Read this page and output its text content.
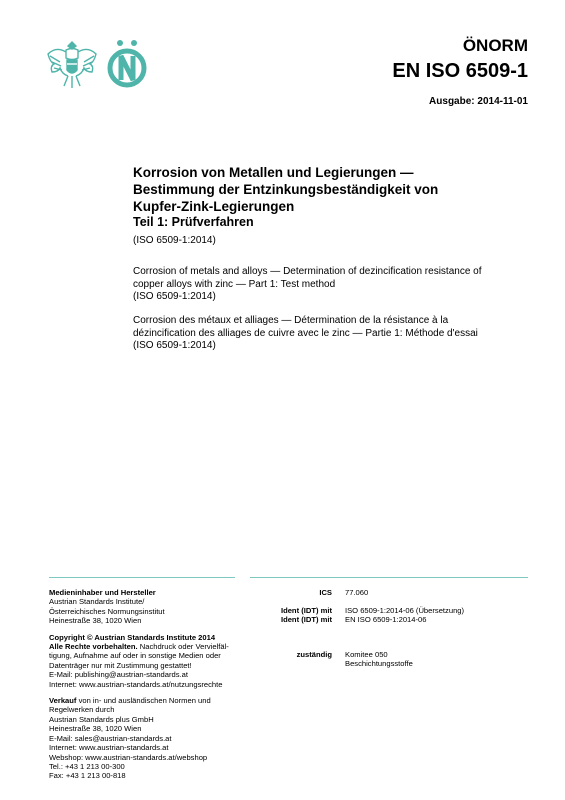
ÖNORM
EN ISO 6509-1
Ausgabe: 2014-11-01
Korrosion von Metallen und Legierungen —
Bestimmung der Entzinkungsbeständigkeit von
Kupfer-Zink-Legierungen
Teil 1: Prüfverfahren
(ISO 6509-1:2014)
Corrosion of metals and alloys — Determination of dezincification resistance of
copper alloys with zinc — Part 1: Test method
(ISO 6509-1:2014)
Corrosion des métaux et alliages — Détermination de la résistance à la
dézincification des alliages de cuivre avec le zinc — Partie 1: Méthode d'essai
(ISO 6509-1:2014)
Medieninhaber und Hersteller
Austrian Standards Institute/
Österreichisches Normungsinstitut
Heinestraße 38, 1020 Wien
Copyright © Austrian Standards Institute 2014
Alle Rechte vorbehalten. Nachdruck oder Vervielfäl-
tigung, Aufnahme auf oder in sonstige Medien oder
Datenträger nur mit Zustimmung gestattet!
E-Mail: publishing@austrian-standards.at
Internet: www.austrian-standards.at/nutzungsrechte
Verkauf von in- und ausländischen Normen und
Regelwerken durch
Austrian Standards plus GmbH
Heinestraße 38, 1020 Wien
E-Mail: sales@austrian-standards.at
Internet: www.austrian-standards.at
Webshop: www.austrian-standards.at/webshop
Tel.: +43 1 213 00-300
Fax: +43 1 213 00-818
ICS 77.060
Ident (IDT) mit ISO 6509-1:2014-06 (Übersetzung)
Ident (IDT) mit EN ISO 6509-1:2014-06
zuständig Komitee 050
Beschichtungsstoffe
